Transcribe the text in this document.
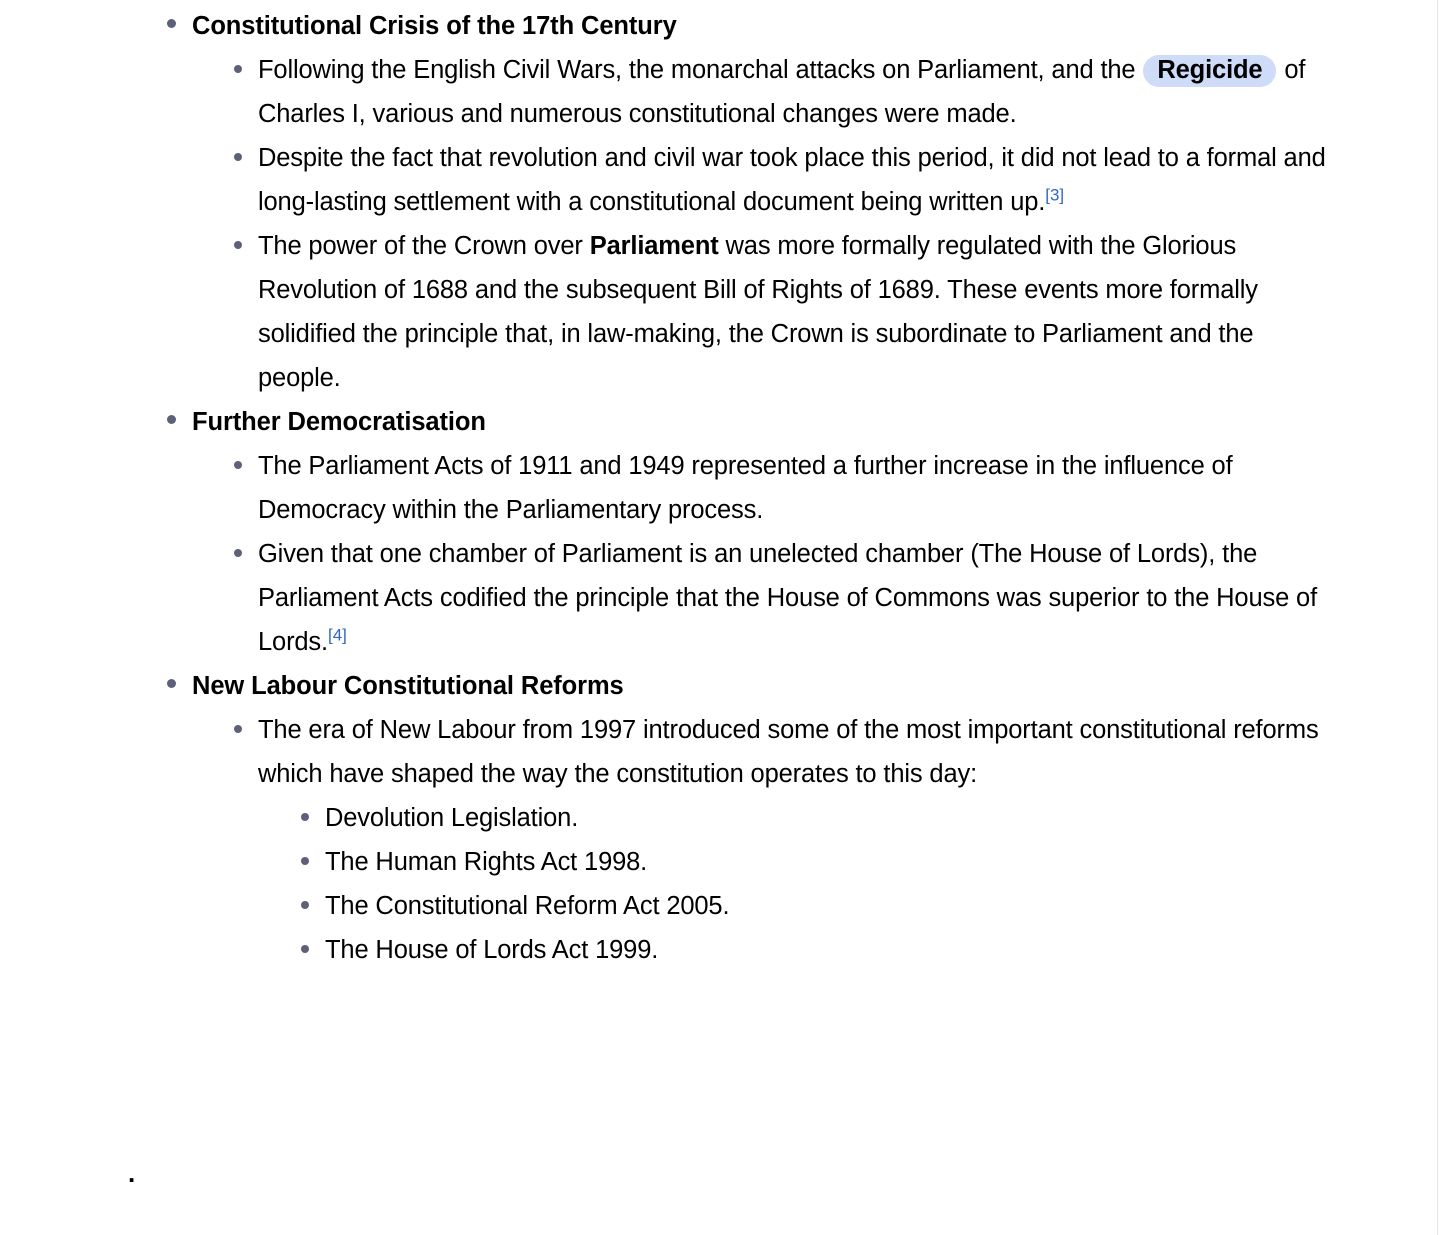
Constitutional Crisis of the 17th Century
Following the English Civil Wars, the monarchal attacks on Parliament, and the Regicide of Charles I, various and numerous constitutional changes were made.
Despite the fact that revolution and civil war took place this period, it did not lead to a formal and long-lasting settlement with a constitutional document being written up.[3]
The power of the Crown over Parliament was more formally regulated with the Glorious Revolution of 1688 and the subsequent Bill of Rights of 1689. These events more formally solidified the principle that, in law-making, the Crown is subordinate to Parliament and the people.
Further Democratisation
The Parliament Acts of 1911 and 1949 represented a further increase in the influence of Democracy within the Parliamentary process.
Given that one chamber of Parliament is an unelected chamber (The House of Lords), the Parliament Acts codified the principle that the House of Commons was superior to the House of Lords.[4]
New Labour Constitutional Reforms
The era of New Labour from 1997 introduced some of the most important constitutional reforms which have shaped the way the constitution operates to this day:
Devolution Legislation.
The Human Rights Act 1998.
The Constitutional Reform Act 2005.
The House of Lords Act 1999.
.
